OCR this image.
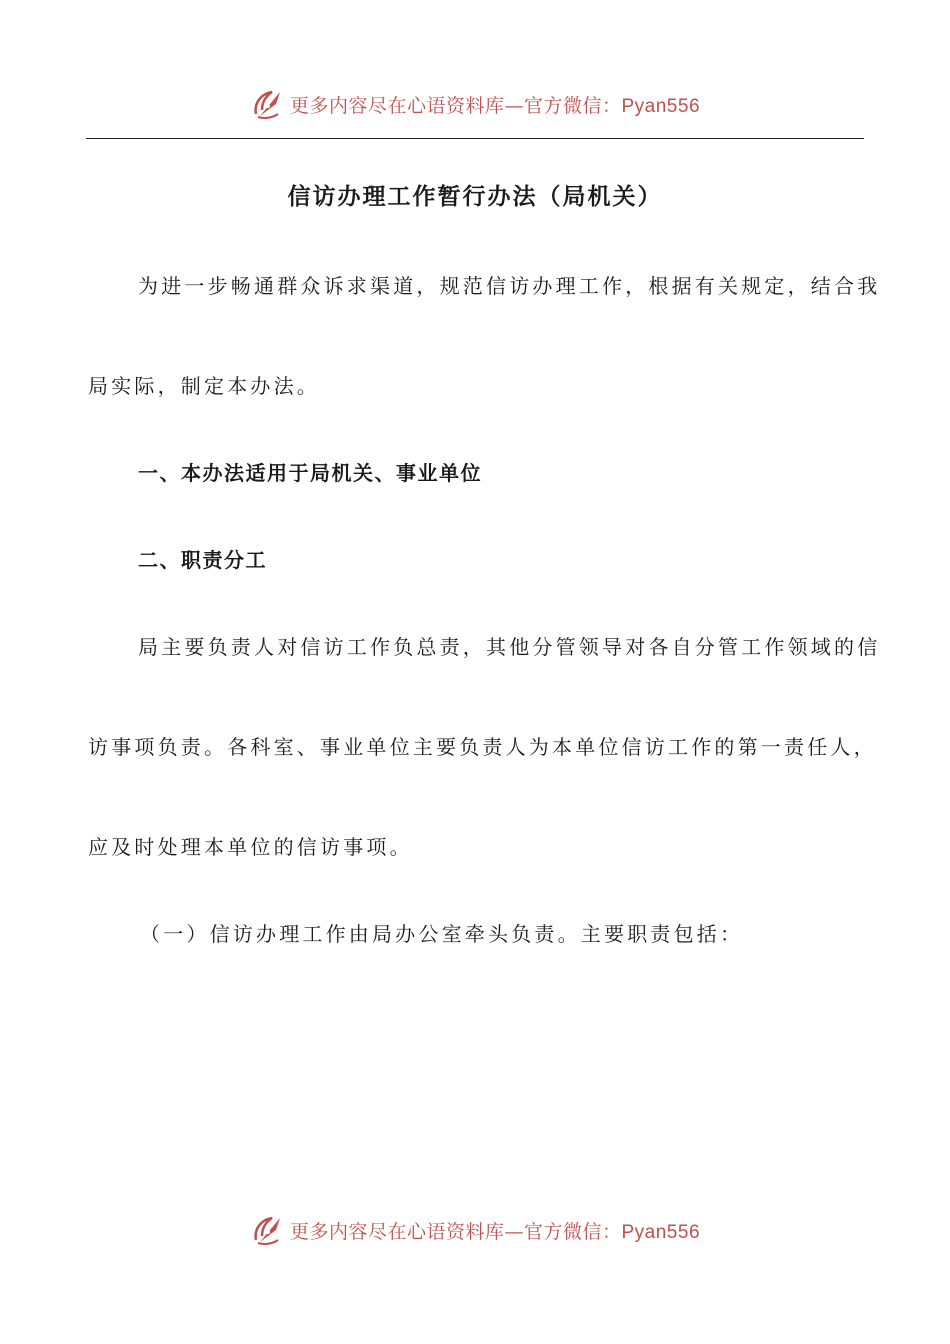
更多内容尽在心语资料库—官方微信：Pyan556
信访办理工作暂行办法（局机关）
为进一步畅通群众诉求渠道，规范信访办理工作，根据有关规定，结合我
局实际，制定本办法。
一、本办法适用于局机关、事业单位
二、职责分工
局主要负责人对信访工作负总责，其他分管领导对各自分管工作领域的信
访事项负责。各科室、事业单位主要负责人为本单位信访工作的第一责任人，
应及时处理本单位的信访事项。
（一）信访办理工作由局办公室牵头负责。主要职责包括：
更多内容尽在心语资料库—官方微信：Pyan556
